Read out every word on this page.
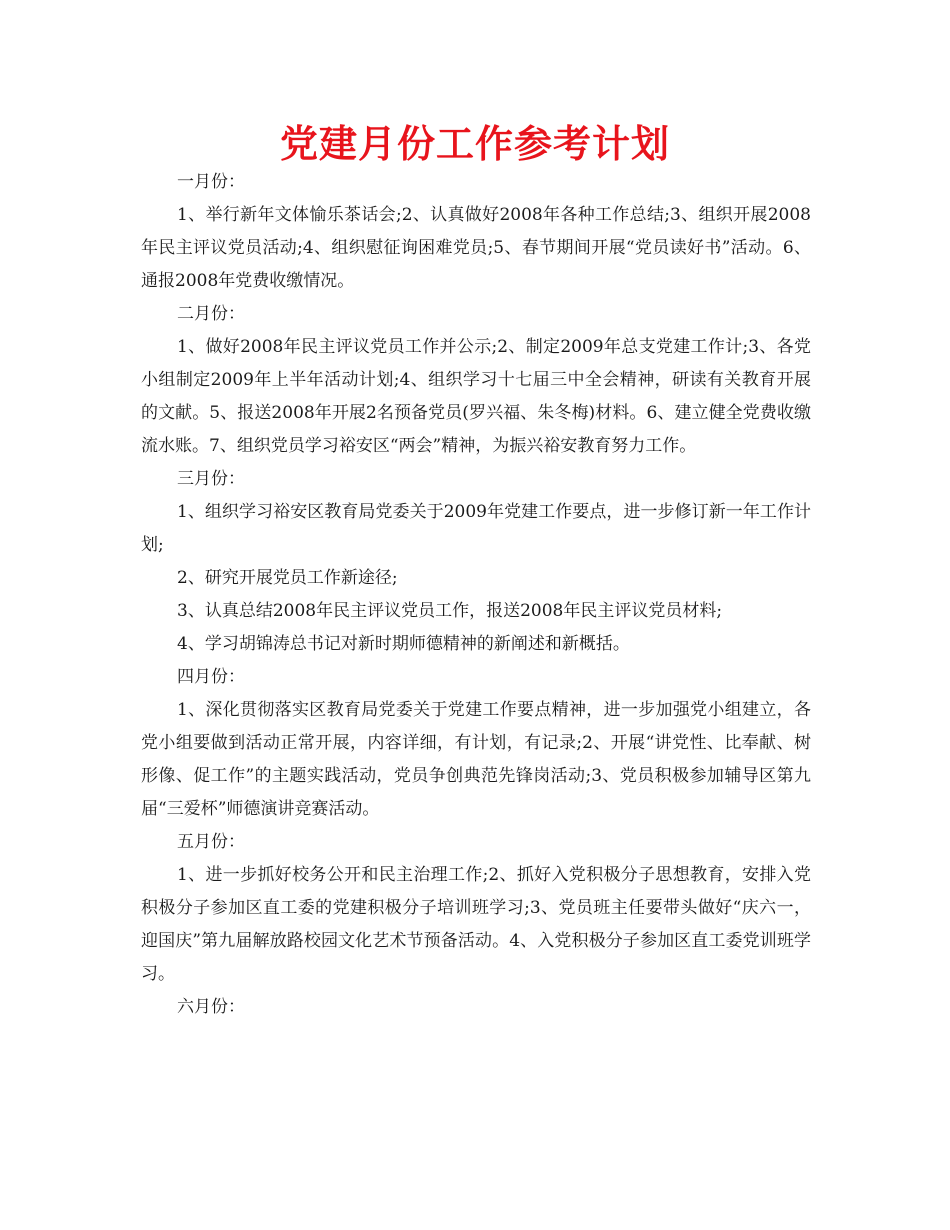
党建月份工作参考计划
一月份：

1、举行新年文体愉乐茶话会;2、认真做好2008年各种工作总结;3、组织开展2008年民主评议党员活动;4、组织慰征询困难党员;5、春节期间开展“党员读好书”活动。6、通报2008年党费收缴情况。

二月份：

1、做好2008年民主评议党员工作并公示;2、制定2009年总支党建工作计;3、各党小组制定2009年上半年活动计划;4、组织学习十七届三中全会精神，研读有关教育开展的文献。5、报送2008年开展2名预备党员(罗兴福、朱冬梅)材料。6、建立健全党费收缴流水账。7、组织党员学习裕安区“两会”精神，为振兴裕安教育努力工作。

三月份：

1、组织学习裕安区教育局党委关于2009年党建工作要点，进一步修订新一年工作计划;

2、研究开展党员工作新途径;

3、认真总结2008年民主评议党员工作，报送2008年民主评议党员材料;

4、学习胡锦涛总书记对新时期师德精神的新阐述和新概括。

四月份：

1、深化贯彻落实区教育局党委关于党建工作要点精神，进一步加强党小组建立，各党小组要做到活动正常开展，内容详细，有计划，有记录;2、开展“讲党性、比奉献、树形像、促工作”的主题实践活动，党员争创典范先锋岗活动;3、党员积极参加辅导区第九届“三爱杯”师德演讲竞赛活动。

五月份：

1、进一步抓好校务公开和民主治理工作;2、抓好入党积极分子思想教育，安排入党积极分子参加区直工委的党建积极分子培训班学习;3、党员班主任要带头做好“庆六一，迎国庆”第九届解放路校园文化艺术节预备活动。4、入党积极分子参加区直工委党训班学习。

六月份：
